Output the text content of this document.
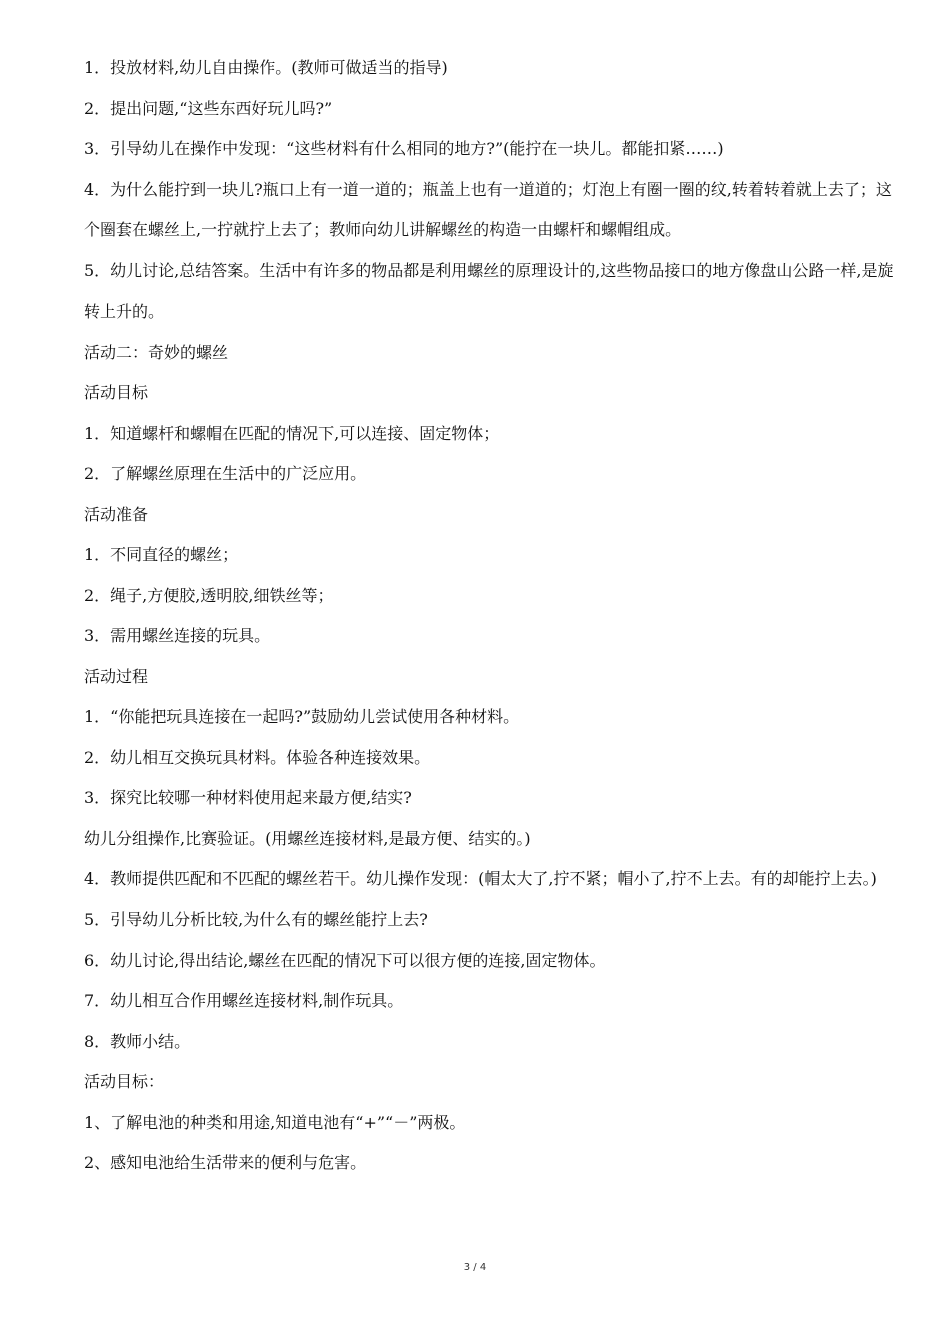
1．投放材料,幼儿自由操作。(教师可做适当的指导)

2．提出问题,“这些东西好玩儿吗?”

3．引导幼儿在操作中发现：“这些材料有什么相同的地方?”(能拧在一块儿。都能扣紧……)

4．为什么能拧到一块儿?瓶口上有一道一道的；瓶盖上也有一道道的；灯泡上有圈一圈的纹,转着转着就上去了；这个圈套在螺丝上,一拧就拧上去了；教师向幼儿讲解螺丝的构造一由螺杆和螺帽组成。

5．幼儿讨论,总结答案。生活中有许多的物品都是利用螺丝的原理设计的,这些物品接口的地方像盘山公路一样,是旋转上升的。

活动二：奇妙的螺丝

活动目标

1．知道螺杆和螺帽在匹配的情况下,可以连接、固定物体；

2．了解螺丝原理在生活中的广泛应用。

活动准备

1．不同直径的螺丝；

2．绳子,方便胶,透明胶,细铁丝等；

3．需用螺丝连接的玩具。

活动过程

1．“你能把玩具连接在一起吗?”鼓励幼儿尝试使用各种材料。

2．幼儿相互交换玩具材料。体验各种连接效果。

3．探究比较哪一种材料使用起来最方便,结实?

幼儿分组操作,比赛验证。(用螺丝连接材料,是最方便、结实的。)

4．教师提供匹配和不匹配的螺丝若干。幼儿操作发现：(帽太大了,拧不紧；帽小了,拧不上去。有的却能拧上去。)

5．引导幼儿分析比较,为什么有的螺丝能拧上去?

6．幼儿讨论,得出结论,螺丝在匹配的情况下可以很方便的连接,固定物体。

7．幼儿相互合作用螺丝连接材料,制作玩具。

8．教师小结。

活动目标：

1、了解电池的种类和用途,知道电池有“+”“－”两极。

2、感知电池给生活带来的便利与危害。

3 / 4
